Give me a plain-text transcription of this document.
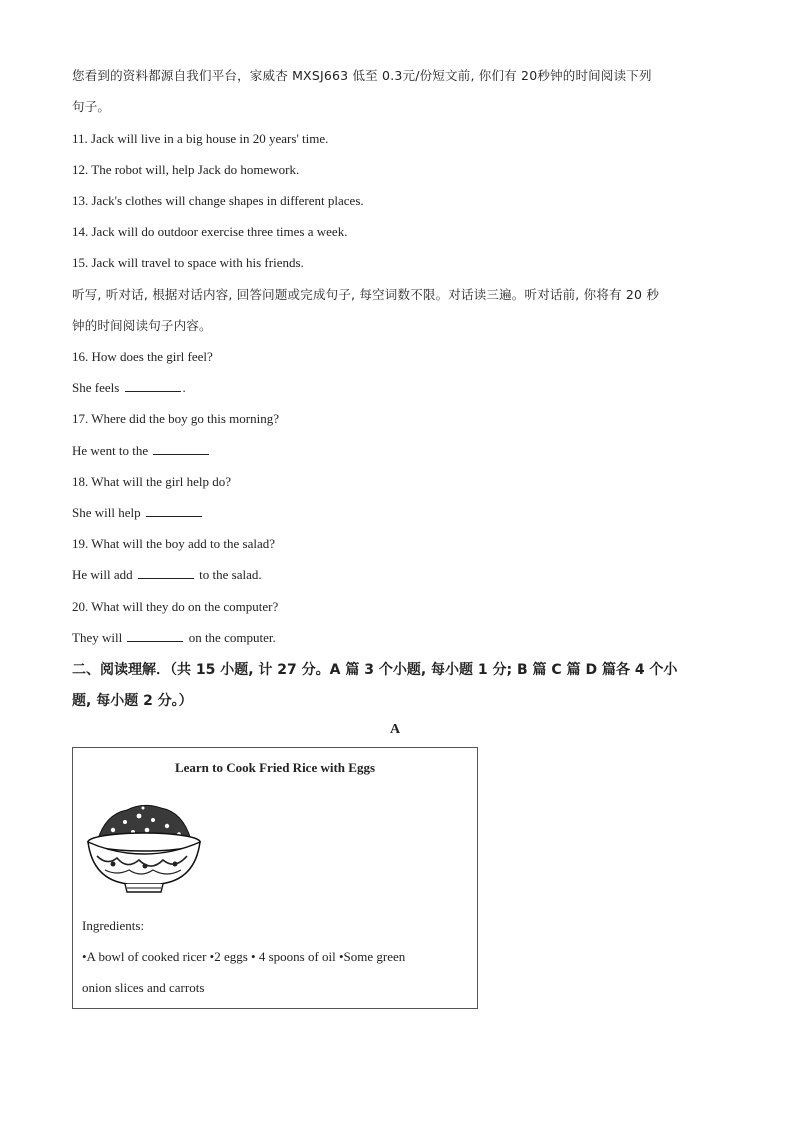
您看到的资料都源自我们平台，家威杏 MXSJ663 低至 0.3元/份短文前, 你们有 20秒钟的时间阅读下列
句子。
11. Jack will live in a big house in 20 years' time.
12. The robot will, help Jack do homework.
13. Jack's clothes will change shapes in different places.
14. Jack will do outdoor exercise three times a week.
15. Jack will travel to space with his friends.
听写, 听对话, 根据对话内容, 回答问题或完成句子, 每空词数不限。对话读三遍。听对话前, 你将有 20 秒
钟的时间阅读句子内容。
16. How does the girl feel?
She feels	.
17. Where did the boy go this morning?
He went to the
18. What will the girl help do?
She will help
19. What will the boy add to the salad?
He will add	to the salad.
20. What will they do on the computer?
They will	on the computer.
二、阅读理解．（共 15 小题, 计 27 分。A 篇 3 个小题, 每小题 1 分; B 篇 C 篇 D 篇各 4 个小
题, 每小题 2 分。）
A
Learn to Cook Fried Rice with Eggs
Ingredients:
•A bowl of cooked ricer •2 eggs • 4 spoons of oil •Some green
onion slices and carrots
